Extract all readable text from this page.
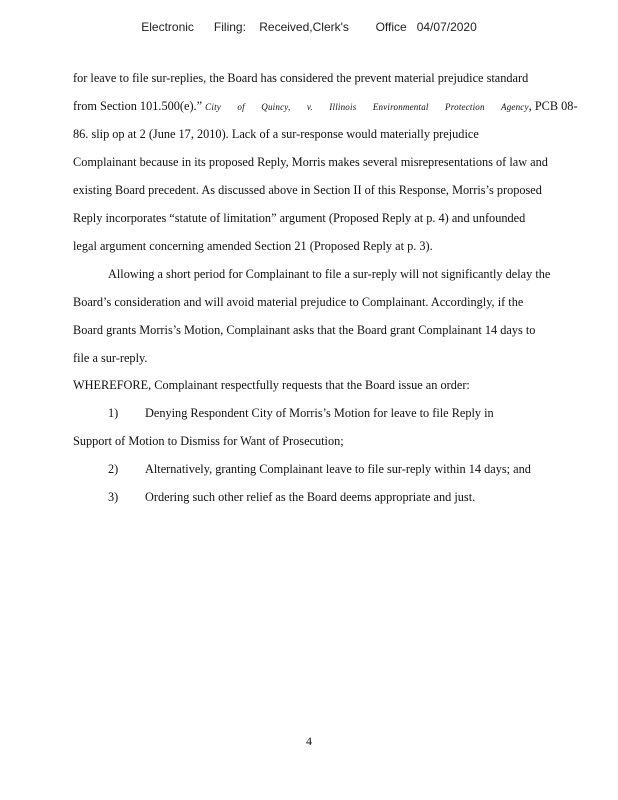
Electronic      Filing:    Received,Clerk's        Office   04/07/2020
for leave to file sur-replies, the Board has considered the prevent material prejudice standard
from Section 101.500(e).” City of Quincy, v. Illinois Environmental Protection Agency, PCB 08-
86. slip op at 2 (June 17, 2010). Lack of a sur-response would materially prejudice
Complainant because in its proposed Reply, Morris makes several misrepresentations of law and
existing Board precedent. As discussed above in Section II of this Response, Morris’s proposed
Reply incorporates “statute of limitation” argument (Proposed Reply at p. 4) and unfounded
legal argument concerning amended Section 21 (Proposed Reply at p. 3).
Allowing a short period for Complainant to file a sur-reply will not significantly delay the
Board’s consideration and will avoid material prejudice to Complainant. Accordingly, if the
Board grants Morris’s Motion, Complainant asks that the Board grant Complainant 14 days to
file a sur-reply.
WHEREFORE, Complainant respectfully requests that the Board issue an order:
1) Denying Respondent City of Morris’s Motion for leave to file Reply in
Support of Motion to Dismiss for Want of Prosecution;
2) Alternatively, granting Complainant leave to file sur-reply within 14 days; and
3) Ordering such other relief as the Board deems appropriate and just.
4
